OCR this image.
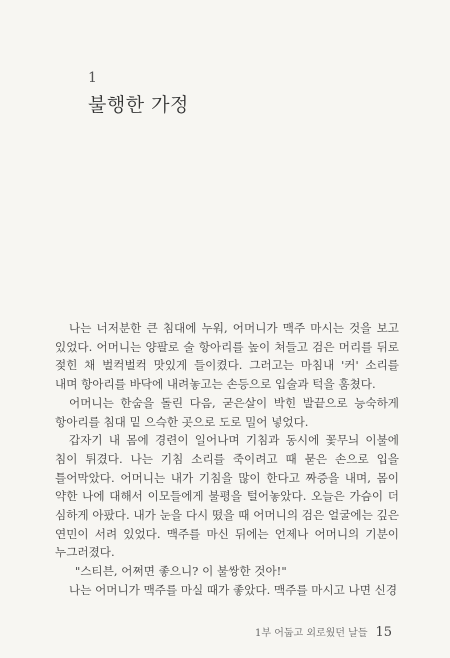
1
불행한 가정

나는 너저분한 큰 침대에 누워, 어머니가 맥주 마시는 것을 보고 있었다. 어머니는 양팔로 술 항아리를 높이 쳐들고 검은 머리를 뒤로 젖힌 채 벌컥벌컥 맛있게 들이켰다. 그러고는 마침내 '커' 소리를 내며 항아리를 바닥에 내려놓고는 손등으로 입술과 턱을 훔쳤다.

어머니는 한숨을 돌린 다음, 굳은살이 박힌 발끝으로 능숙하게 항아리를 침대 밑 으슥한 곳으로 도로 밀어 넣었다.

갑자기 내 몸에 경련이 일어나며 기침과 동시에 꽃무늬 이불에 침이 튀겼다. 나는 기침 소리를 죽이려고 때 묻은 손으로 입을 틀어막았다. 어머니는 내가 기침을 많이 한다고 짜증을 내며, 몸이 약한 나에 대해서 이모들에게 불평을 털어놓았다. 오늘은 가슴이 더 심하게 아팠다. 내가 눈을 다시 떴을 때 어머니의 검은 얼굴에는 깊은 연민이 서려 있었다. 맥주를 마신 뒤에는 언제나 어머니의 기분이 누그러졌다.

"스티븐, 어쩌면 좋으니? 이 불쌍한 것아!"

나는 어머니가 맥주를 마실 때가 좋았다. 맥주를 마시고 나면 신경

1부 어둡고 외로웠던 날들 15
